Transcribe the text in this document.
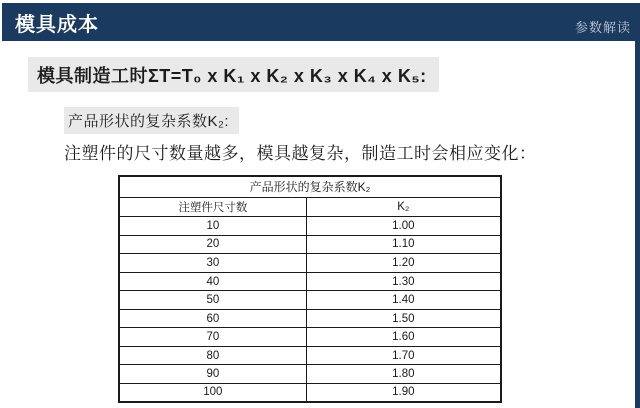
模具成本	参数解读
模具制造工时ΣT=T₀ x K₁ x K₂ x K₃ x K₄ x K₅:
产品形状的复杂系数K₂:
注塑件的尺寸数量越多，模具越复杂，制造工时会相应变化：
产品形状的复杂系数K₂	
注塑件尺寸数	K₂
10	1.00
20	1.10
30	1.20
40	1.30
50	1.40
60	1.50
70	1.60
80	1.70
90	1.80
100	1.90
